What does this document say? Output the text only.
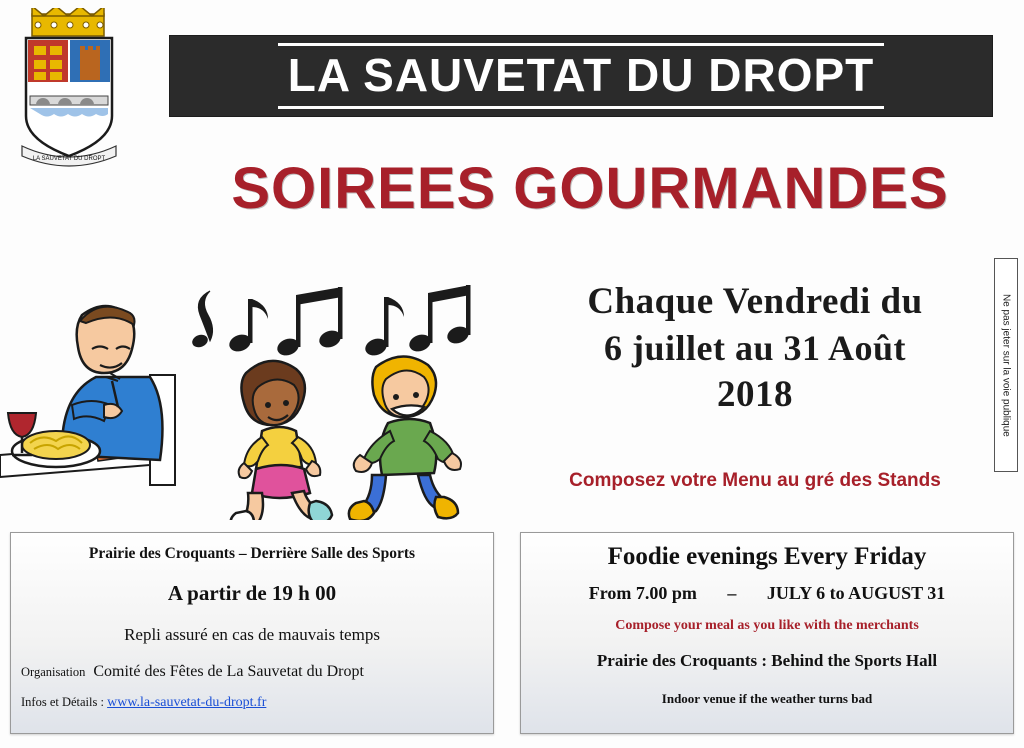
LA SAUVETAT DU DROPT
LA SAUVETAT DU DROPT
SOIREES GOURMANDES
Ne pas jeter sur la voie publique
Chaque Vendredi du
6 juillet au 31 Août
2018
Composez votre Menu au gré des Stands
Prairie des Croquants – Derrière Salle des Sports
A partir de 19 h 00
Repli assuré en cas de mauvais temps
Organisation Comité des Fêtes de La Sauvetat du Dropt
Infos et Détails : www.la-sauvetat-du-dropt.fr
Foodie evenings Every Friday
From 7.00 pm – JULY 6 to AUGUST 31
Compose your meal as you like with the merchants
Prairie des Croquants : Behind the Sports Hall
Indoor venue if the weather turns bad
